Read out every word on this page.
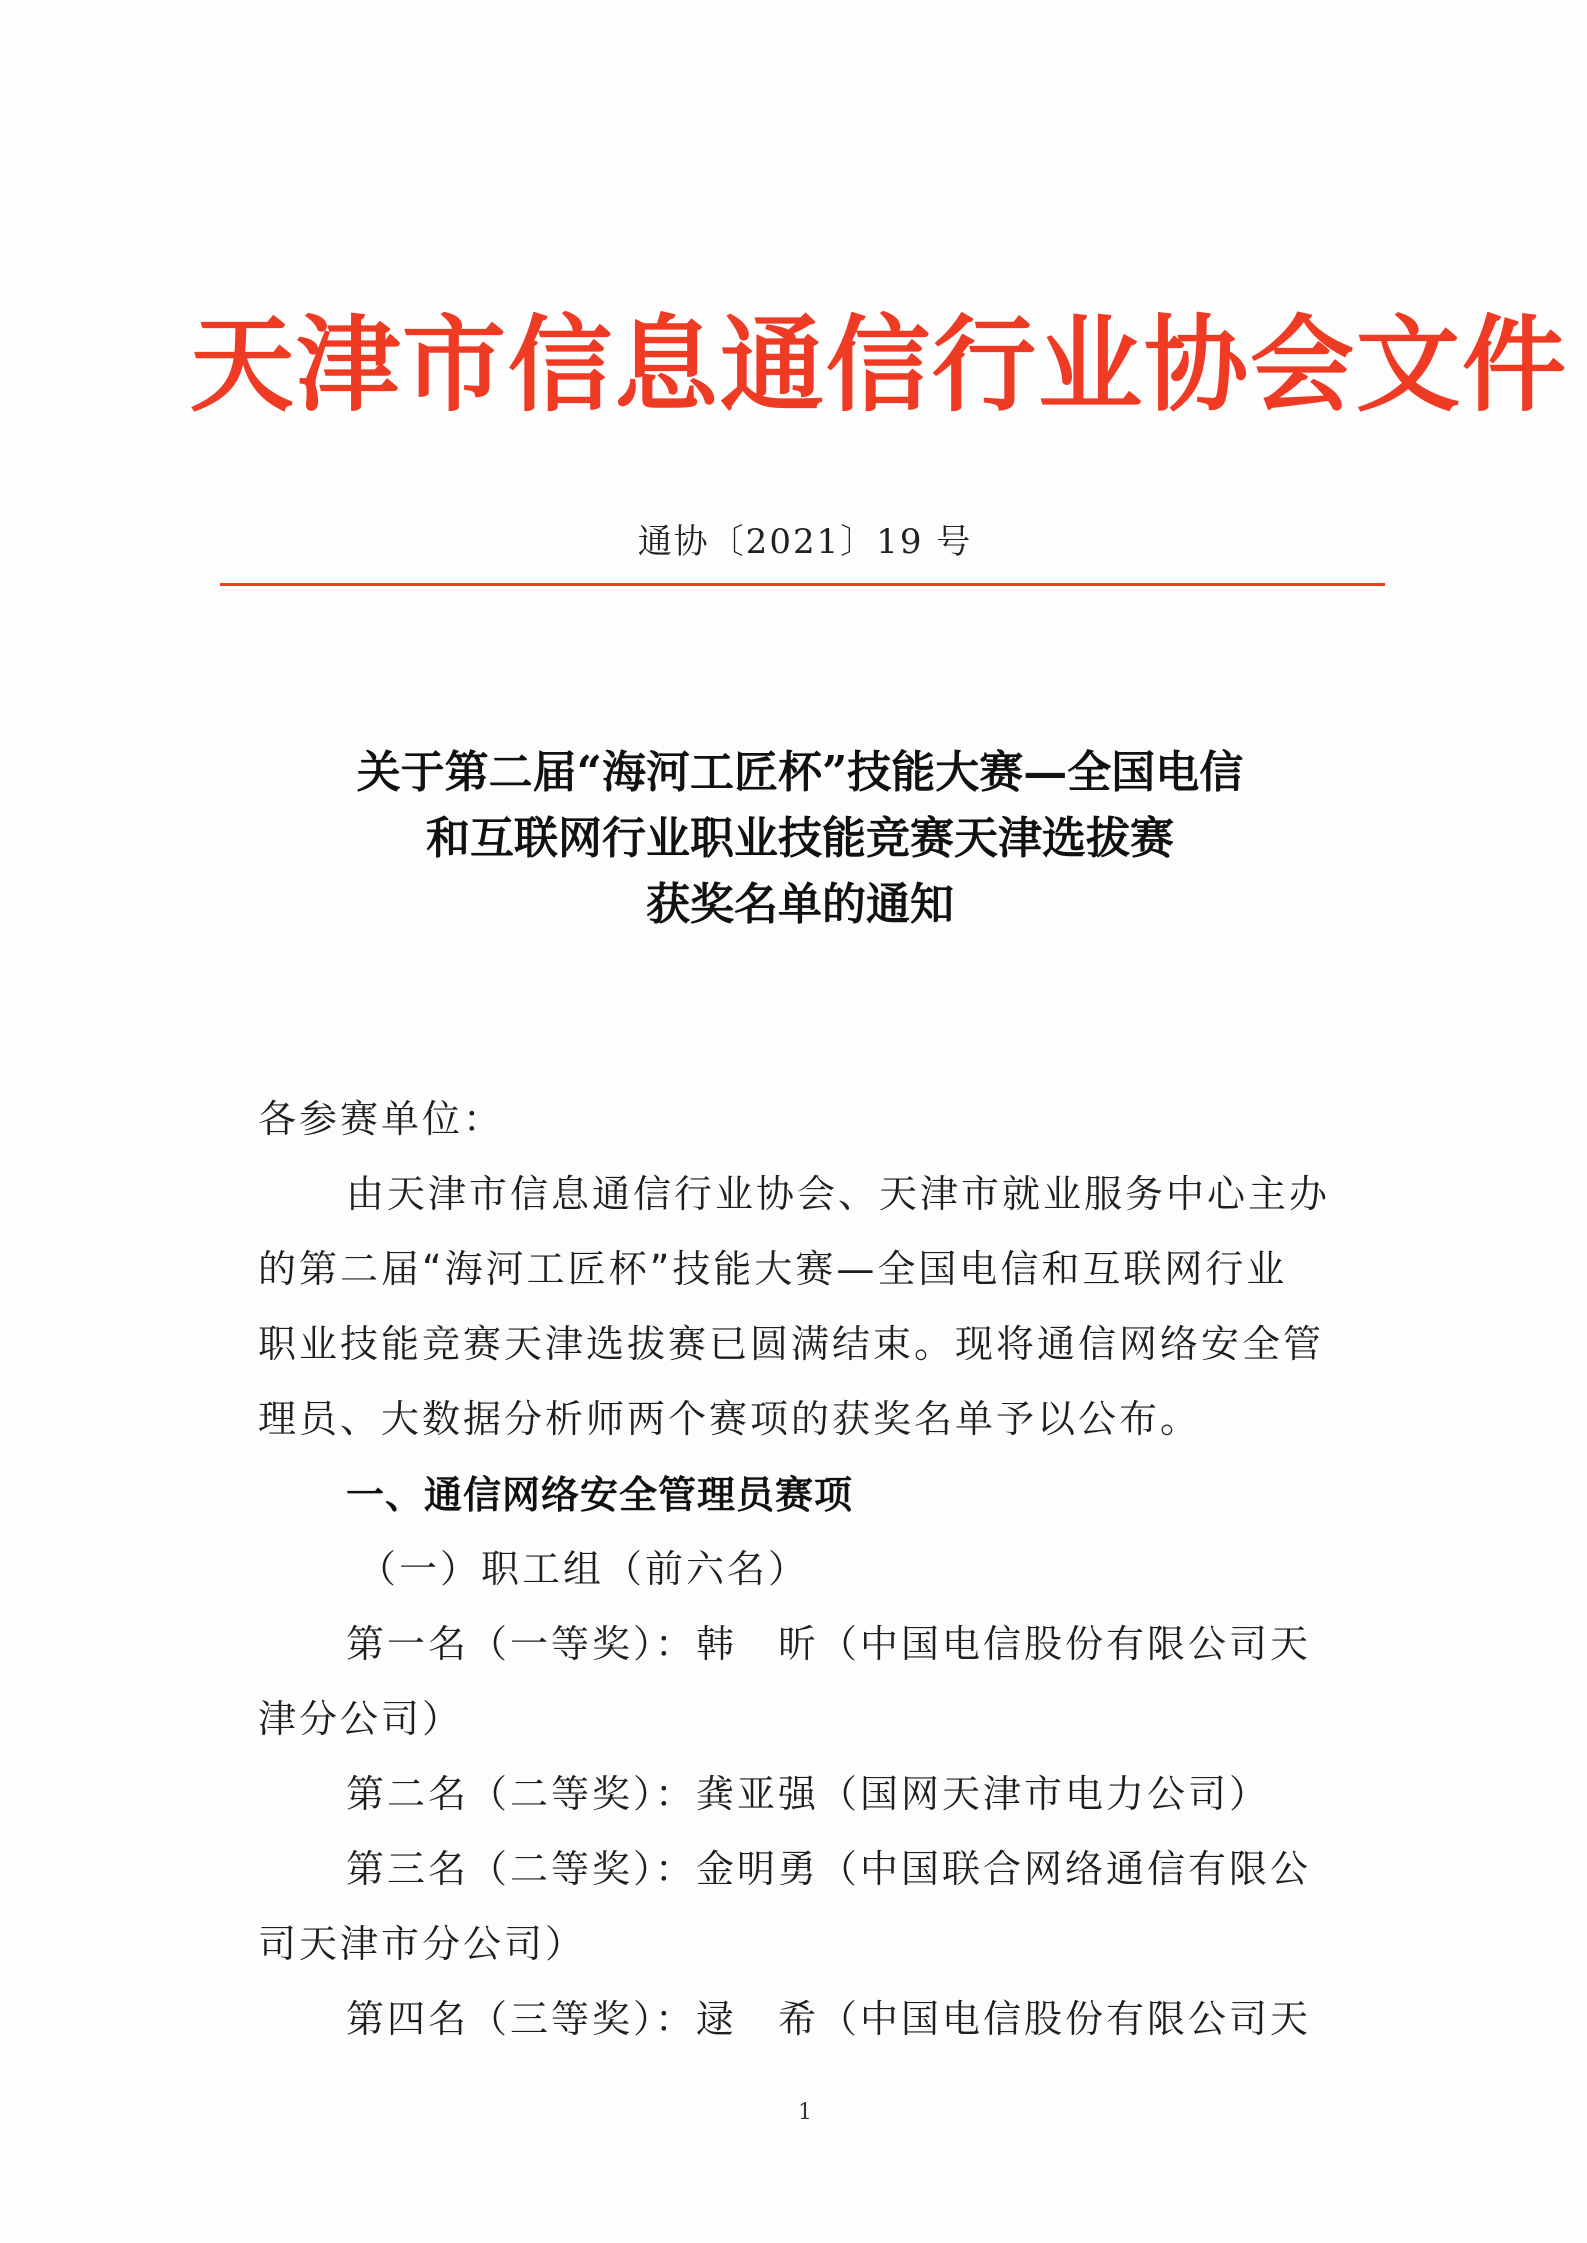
天津市信息通信行业协会文件
通协〔2021〕19 号
关于第二届“海河工匠杯”技能大赛—全国电信
和互联网行业职业技能竞赛天津选拔赛
获奖名单的通知
各参赛单位：
由天津市信息通信行业协会、天津市就业服务中心主办
的第二届“海河工匠杯”技能大赛—全国电信和互联网行业
职业技能竞赛天津选拔赛已圆满结束。现将通信网络安全管
理员、大数据分析师两个赛项的获奖名单予以公布。
一、通信网络安全管理员赛项
（一）职工组（前六名）
第一名（一等奖）：韩　昕（中国电信股份有限公司天
津分公司）
第二名（二等奖）：龚亚强（国网天津市电力公司）
第三名（二等奖）：金明勇（中国联合网络通信有限公
司天津市分公司）
第四名（三等奖）：逯　希（中国电信股份有限公司天
1
